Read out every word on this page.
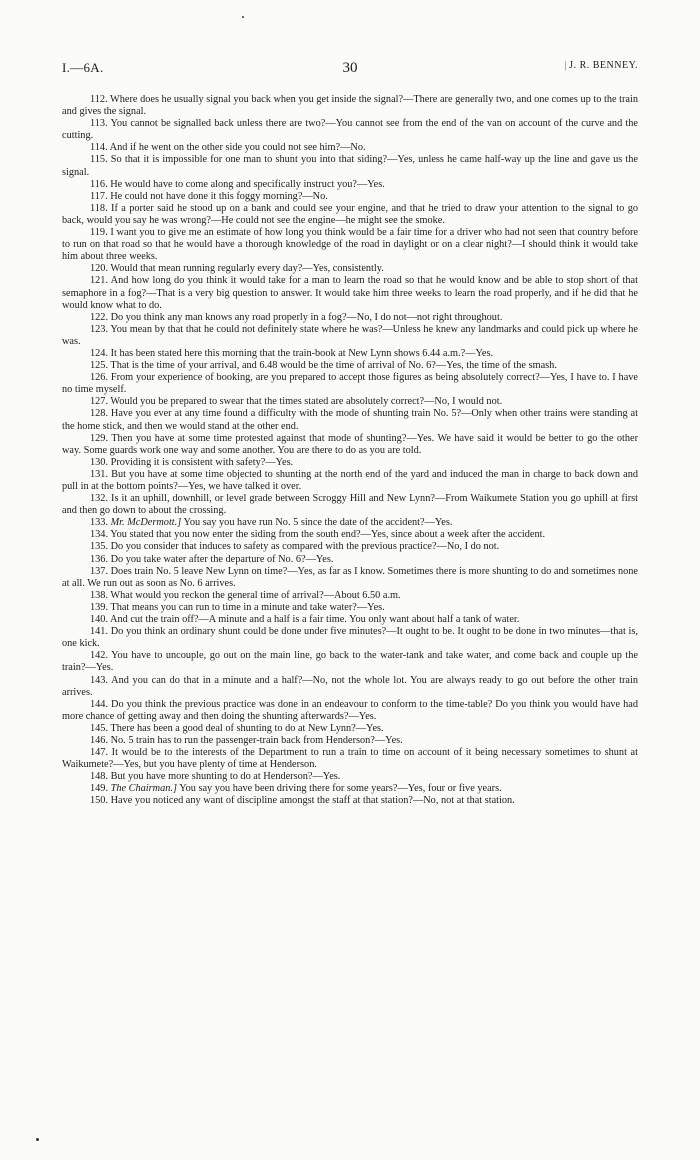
I.—6A.	30
|	J. R. BENNEY.

112. Where does he usually signal you back when you get inside the signal?—There are generally two, and one comes up to the train and gives the signal.

113. You cannot be signalled back unless there are two?—You cannot see from the end of the van on account of the curve and the cutting.

114. And if he went on the other side you could not see him?—No.

115. So that it is impossible for one man to shunt you into that siding?—Yes, unless he came half-way up the line and gave us the signal.

116. He would have to come along and specifically instruct you?—Yes.

117. He could not have done it this foggy morning?—No.

118. If a porter said he stood up on a bank and could see your engine, and that he tried to draw your attention to the signal to go back, would you say he was wrong?—He could not see the engine—he might see the smoke.

119. I want you to give me an estimate of how long you think would be a fair time for a driver who had not seen that country before to run on that road so that he would have a thorough knowledge of the road in daylight or on a clear night?—I should think it would take him about three weeks.

120. Would that mean running regularly every day?—Yes, consistently.

121. And how long do you think it would take for a man to learn the road so that he would know and be able to stop short of that semaphore in a fog?—That is a very big question to answer. It would take him three weeks to learn the road properly, and if he did that he would know what to do.

122. Do you think any man knows any road properly in a fog?—No, I do not—not right throughout.

123. You mean by that that he could not definitely state where he was?—Unless he knew any landmarks and could pick up where he was.

124. It has been stated here this morning that the train-book at New Lynn shows 6.44 a.m.?—Yes.

125. That is the time of your arrival, and 6.48 would be the time of arrival of No. 6?—Yes, the time of the smash.

126. From your experience of booking, are you prepared to accept those figures as being absolutely correct?—Yes, I have to. I have no time myself.

127. Would you be prepared to swear that the times stated are absolutely correct?—No, I would not.

128. Have you ever at any time found a difficulty with the mode of shunting train No. 5?—Only when other trains were standing at the home stick, and then we would stand at the other end.

129. Then you have at some time protested against that mode of shunting?—Yes. We have said it would be better to go the other way. Some guards work one way and some another. You are there to do as you are told.

130. Providing it is consistent with safety?—Yes.

131. But you have at some time objected to shunting at the north end of the yard and induced the man in charge to back down and pull in at the bottom points?—Yes, we have talked it over.

132. Is it an uphill, downhill, or level grade between Scroggy Hill and New Lynn?—From Waikumete Station you go uphill at first and then go down to about the crossing.

133. Mr. McDermott.] You say you have run No. 5 since the date of the accident?—Yes.

134. You stated that you now enter the siding from the south end?—Yes, since about a week after the accident.

135. Do you consider that induces to safety as compared with the previous practice?—No, I do not.

136. Do you take water after the departure of No. 6?—Yes.

137. Does train No. 5 leave New Lynn on time?—Yes, as far as I know. Sometimes there is more shunting to do and sometimes none at all. We run out as soon as No. 6 arrives.

138. What would you reckon the general time of arrival?—About 6.50 a.m.

139. That means you can run to time in a minute and take water?—Yes.

140. And cut the train off?—A minute and a half is a fair time. You only want about half a tank of water.

141. Do you think an ordinary shunt could be done under five minutes?—It ought to be. It ought to be done in two minutes—that is, one kick.

142. You have to uncouple, go out on the main line, go back to the water-tank and take water, and come back and couple up the train?—Yes.

143. And you can do that in a minute and a half?—No, not the whole lot. You are always ready to go out before the other train arrives.

144. Do you think the previous practice was done in an endeavour to conform to the time-table? Do you think you would have had more chance of getting away and then doing the shunting afterwards?—Yes.

145. There has been a good deal of shunting to do at New Lynn?—Yes.

146. No. 5 train has to run the passenger-train back from Henderson?—Yes.

147. It would be to the interests of the Department to run a train to time on account of it being necessary sometimes to shunt at Waikumete?—Yes, but you have plenty of time at Henderson.

148. But you have more shunting to do at Henderson?—Yes.

149. The Chairman.] You say you have been driving there for some years?—Yes, four or five years.

150. Have you noticed any want of discipline amongst the staff at that station?—No, not at that station.
